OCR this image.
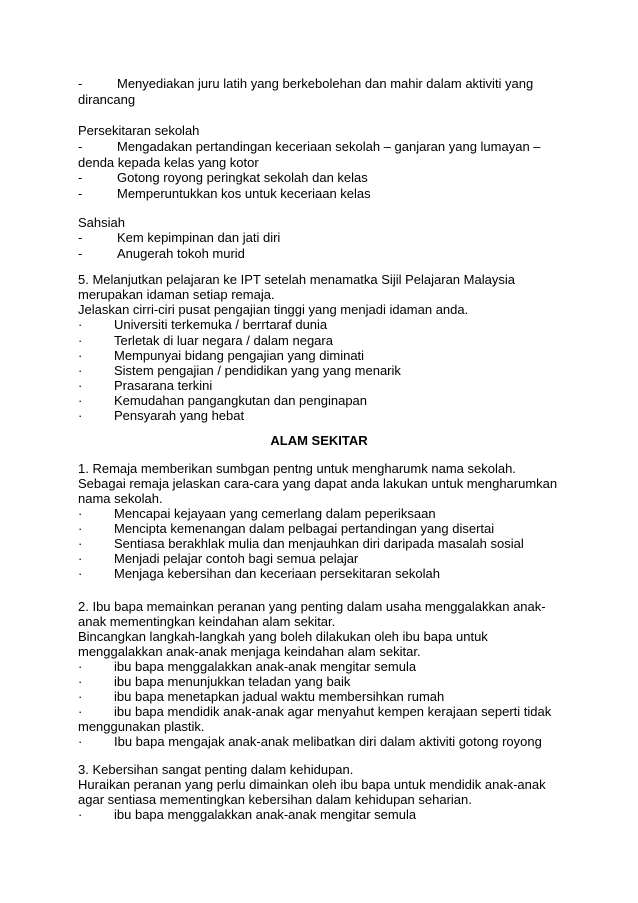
-	Menyediakan juru latih yang berkebolehan dan mahir dalam aktiviti yang
dirancang
Persekitaran sekolah
-	Mengadakan pertandingan keceriaan sekolah – ganjaran yang lumayan –
denda kepada kelas yang kotor
-	Gotong royong peringkat sekolah dan kelas
-	Memperuntukkan kos untuk keceriaan kelas
Sahsiah
-	Kem kepimpinan dan jati diri
-	Anugerah tokoh murid
5. Melanjutkan pelajaran ke IPT setelah menamatka Sijil Pelajaran Malaysia
merupakan idaman setiap remaja.
Jelaskan cirri-ciri pusat pengajian tinggi yang menjadi idaman anda.
· Universiti terkemuka / berrtaraf dunia
· Terletak di luar negara / dalam negara
· Mempunyai bidang pengajian yang diminati
· Sistem pengajian / pendidikan yang yang menarik
· Prasarana terkini
· Kemudahan pangangkutan dan penginapan
· Pensyarah yang hebat
ALAM SEKITAR
1. Remaja memberikan sumbgan pentng untuk mengharumk nama sekolah.
Sebagai remaja jelaskan cara-cara yang dapat anda lakukan untuk mengharumkan
nama sekolah.
· Mencapai kejayaan yang cemerlang dalam peperiksaan
· Mencipta kemenangan dalam pelbagai pertandingan yang disertai
· Sentiasa berakhlak mulia dan menjauhkan diri daripada masalah sosial
· Menjadi pelajar contoh bagi semua pelajar
· Menjaga kebersihan dan keceriaan persekitaran sekolah
2. Ibu bapa memainkan peranan yang penting dalam usaha menggalakkan anak-
anak mementingkan keindahan alam sekitar.
Bincangkan langkah-langkah yang boleh dilakukan oleh ibu bapa untuk
menggalakkan anak-anak menjaga keindahan alam sekitar.
· ibu bapa menggalakkan anak-anak mengitar semula
· ibu bapa menunjukkan teladan yang baik
· ibu bapa menetapkan jadual waktu membersihkan rumah
· ibu bapa mendidik anak-anak agar menyahut kempen kerajaan seperti tidak
menggunakan plastik.
· Ibu bapa mengajak anak-anak melibatkan diri dalam aktiviti gotong royong
3. Kebersihan sangat penting dalam kehidupan.
Huraikan peranan yang perlu dimainkan oleh ibu bapa untuk mendidik anak-anak
agar sentiasa mementingkan kebersihan dalam kehidupan seharian.
· ibu bapa menggalakkan anak-anak mengitar semula
